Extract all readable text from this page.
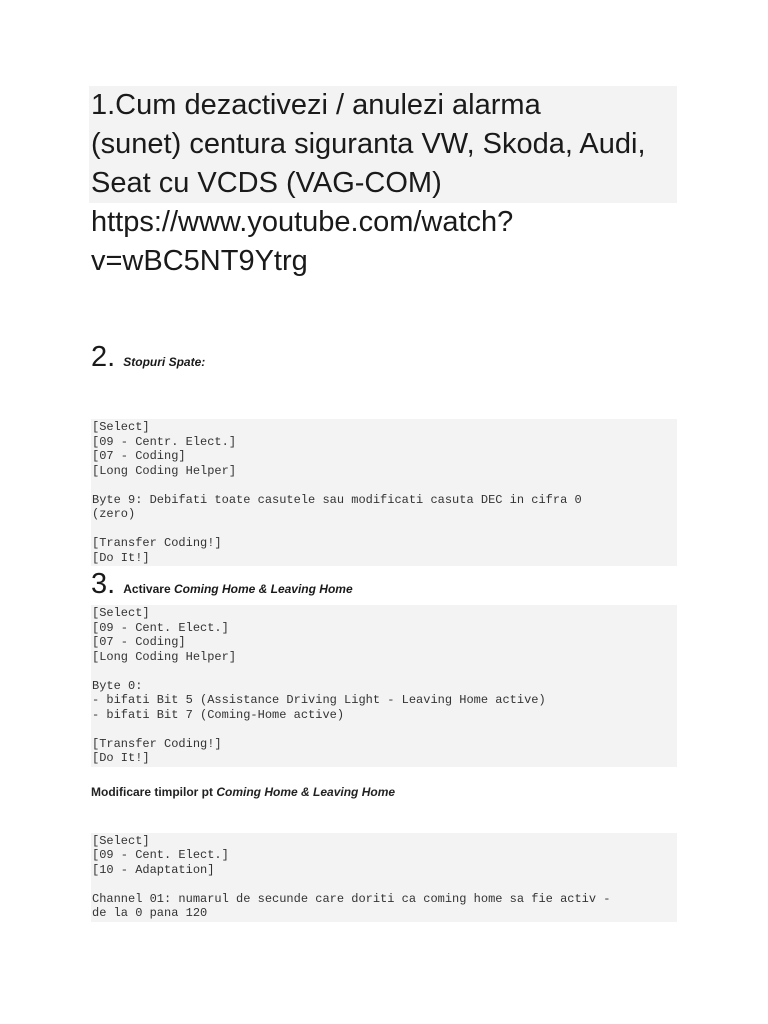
1.Cum dezactivezi / anulezi alarma
(sunet) centura siguranta VW, Skoda, Audi,
Seat cu VCDS (VAG-COM)
https://www.youtube.com/watch?
v=wBC5NT9Ytrg
2. Stopuri Spate:
[Select]
[09 - Centr. Elect.]
[07 - Coding]
[Long Coding Helper]

Byte 9: Debifati toate casutele sau modificati casuta DEC in cifra 0
(zero)

[Transfer Coding!]
[Do It!]
3. Activare Coming Home & Leaving Home
[Select]
[09 - Cent. Elect.]
[07 - Coding]
[Long Coding Helper]

Byte 0:
- bifati Bit 5 (Assistance Driving Light - Leaving Home active)
- bifati Bit 7 (Coming-Home active)

[Transfer Coding!]
[Do It!]
Modificare timpilor pt Coming Home & Leaving Home
[Select]
[09 - Cent. Elect.]
[10 - Adaptation]

Channel 01: numarul de secunde care doriti ca coming home sa fie activ -
de la 0 pana 120
